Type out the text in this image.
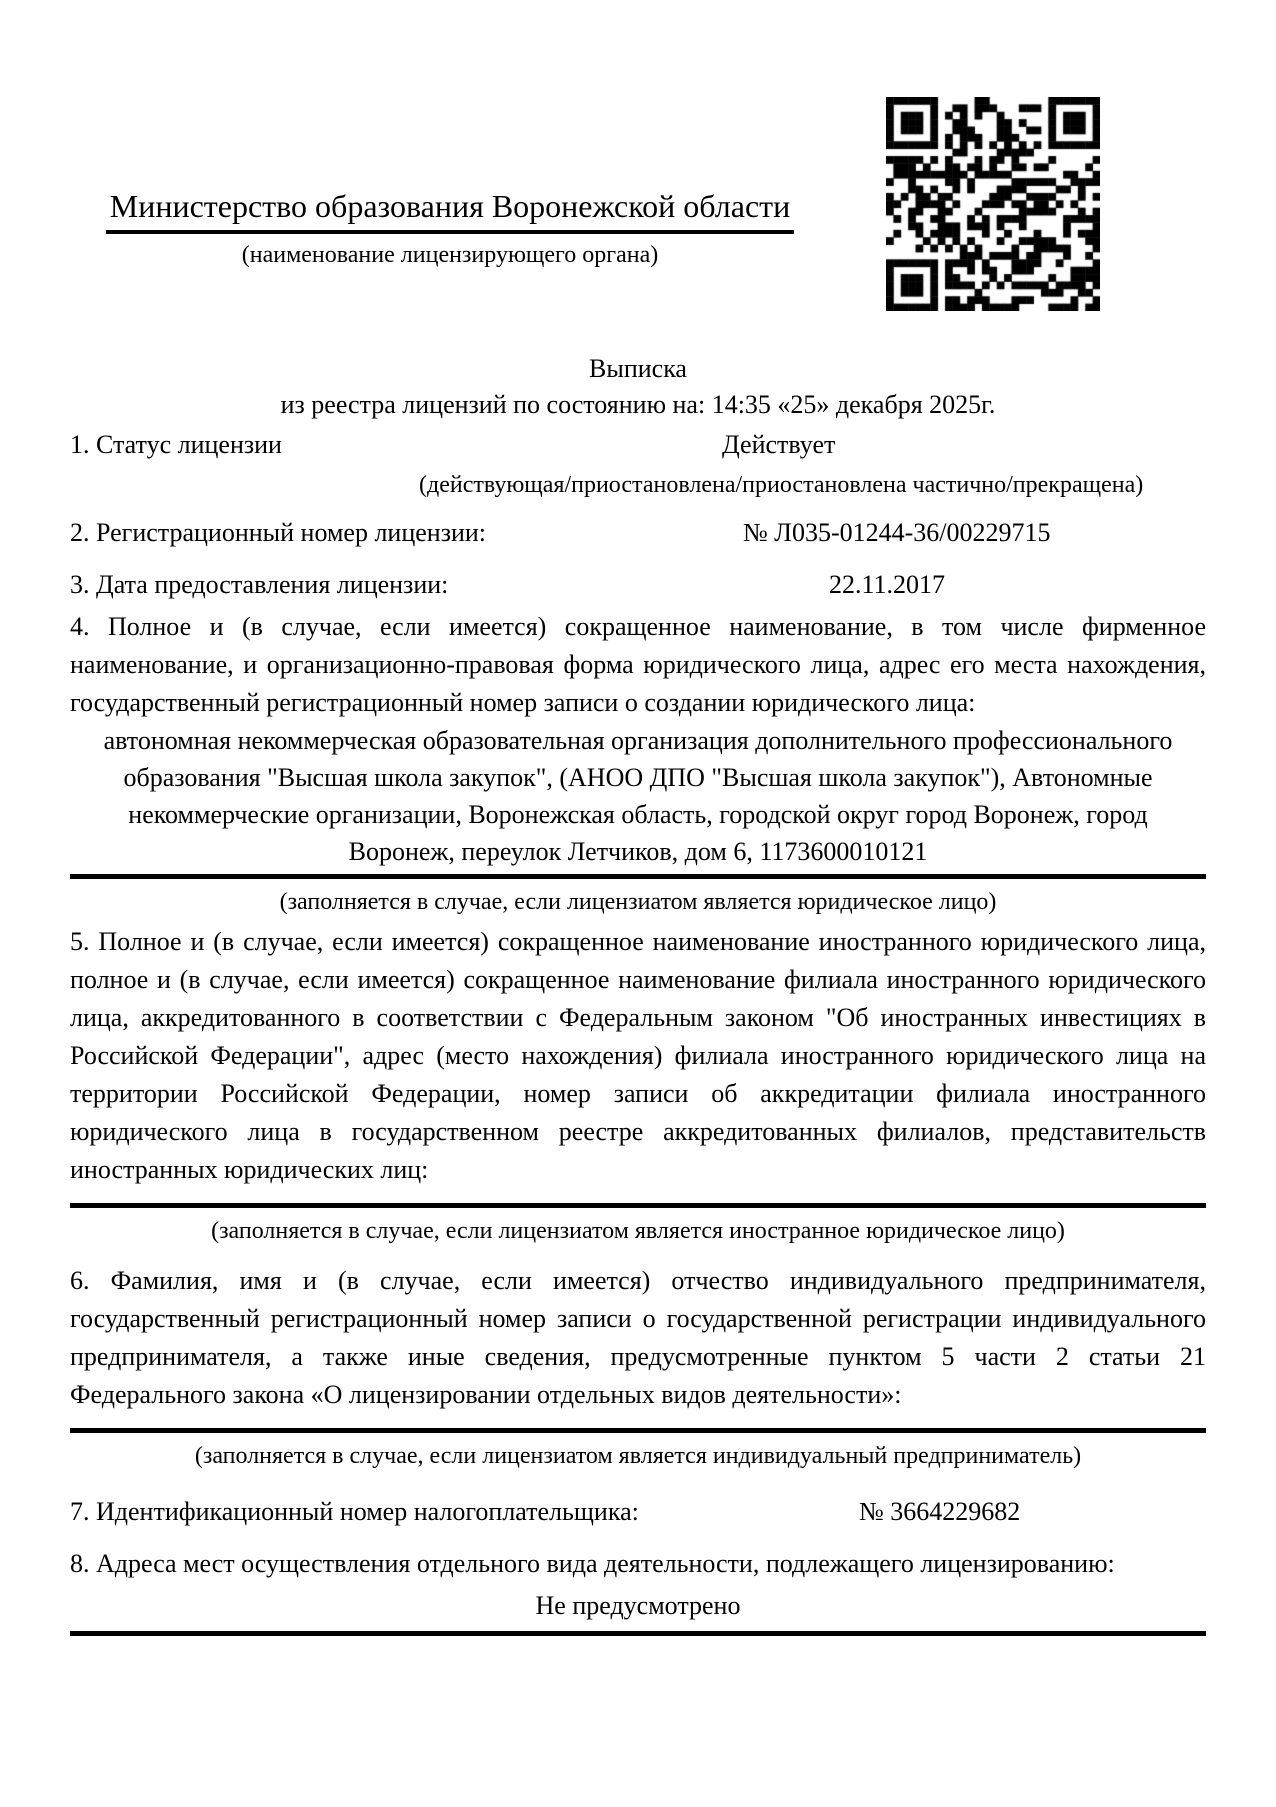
Министерство образования Воронежской области
(наименование лицензирующего органа)
Выписка
из реестра лицензий по состоянию на: 14:35 «25» декабря 2025г.
1. Статус лицензии	Действует
(действующая/приостановлена/приостановлена частично/прекращена)
2. Регистрационный номер лицензии:	№ Л035-01244-36/00229715
3. Дата предоставления лицензии:	22.11.2017

4. Полное и (в случае, если имеется) сокращенное наименование, в том числе фирменное наименование, и организационно-правовая форма юридического лица, адрес его места нахождения, государственный регистрационный номер записи о создании юридического лица:

автономная некоммерческая образовательная организация дополнительного профессионального образования "Высшая школа закупок", (АНОО ДПО "Высшая школа закупок"), Автономные некоммерческие организации, Воронежская область, городской округ город Воронеж, город Воронеж, переулок Летчиков, дом 6, 1173600010121
(заполняется в случае, если лицензиатом является юридическое лицо)

5. Полное и (в случае, если имеется) сокращенное наименование иностранного юридического лица, полное и (в случае, если имеется) сокращенное наименование филиала иностранного юридического лица, аккредитованного в соответствии с Федеральным законом "Об иностранных инвестициях в Российской Федерации", адрес (место нахождения) филиала иностранного юридического лица на территории Российской Федерации, номер записи об аккредитации филиала иностранного юридического лица в государственном реестре аккредитованных филиалов, представительств иностранных юридических лиц:

(заполняется в случае, если лицензиатом является иностранное юридическое лицо)

6. Фамилия, имя и (в случае, если имеется) отчество индивидуального предпринимателя, государственный регистрационный номер записи о государственной регистрации индивидуального предпринимателя, а также иные сведения, предусмотренные пунктом 5 части 2 статьи 21 Федерального закона «О лицензировании отдельных видов деятельности»:

(заполняется в случае, если лицензиатом является индивидуальный предприниматель)
7. Идентификационный номер налогоплательщика:	№ 3664229682
8. Адреса мест осуществления отдельного вида деятельности, подлежащего лицензированию:
Не предусмотрено
